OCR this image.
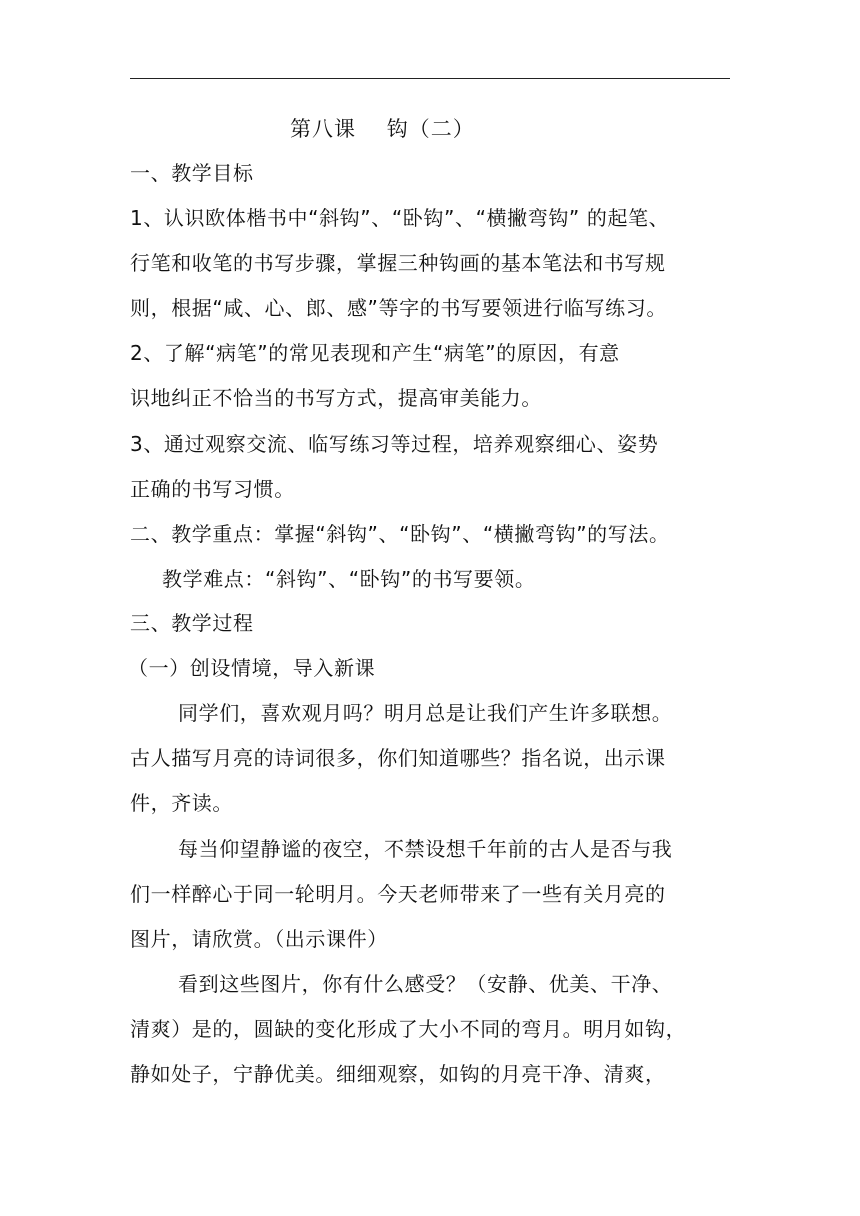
第八课    钩（二）
一、教学目标
1、认识欧体楷书中“斜钩”、“卧钩”、“横撇弯钩” 的起笔、
行笔和收笔的书写步骤，掌握三种钩画的基本笔法和书写规
则，根据“咸、心、郎、感”等字的书写要领进行临写练习。
2、了解“病笔”的常见表现和产生“病笔”的原因，有意
识地纠正不恰当的书写方式，提高审美能力。
3、通过观察交流、临写练习等过程，培养观察细心、姿势
正确的书写习惯。
二、教学重点：掌握“斜钩”、“卧钩”、“横撇弯钩”的写法。
教学难点：“斜钩”、“卧钩”的书写要领。
三、教学过程
（一）创设情境，导入新课
同学们，喜欢观月吗？明月总是让我们产生许多联想。
古人描写月亮的诗词很多，你们知道哪些？指名说，出示课
件，齐读。
每当仰望静谧的夜空，不禁设想千年前的古人是否与我
们一样醉心于同一轮明月。今天老师带来了一些有关月亮的
图片，请欣赏。（出示课件）
看到这些图片，你有什么感受？（安静、优美、干净、
清爽）是的，圆缺的变化形成了大小不同的弯月。明月如钩，
静如处子，宁静优美。细细观察，如钩的月亮干净、清爽，
